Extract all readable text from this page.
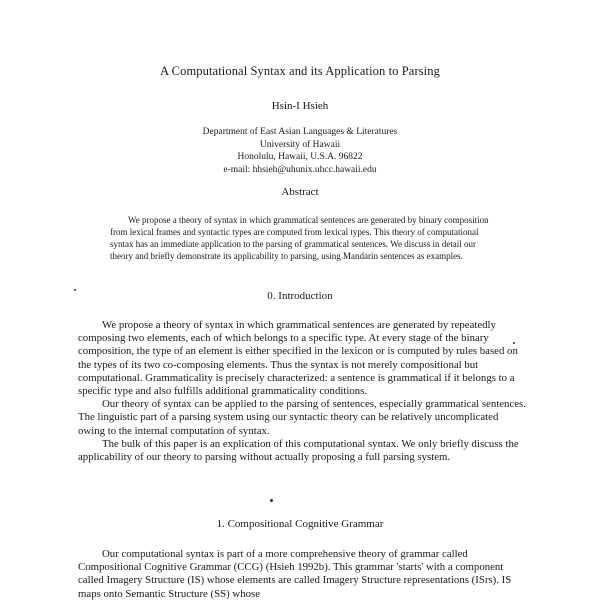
A Computational Syntax and its Application to Parsing
Hsin-I Hsieh
Department of East Asian Languages & Literatures
University of Hawaii
Honolulu, Hawaii, U.S.A. 96822
e-mail: hhsieh@uhunix.uhcc.hawaii.edu
Abstract
We propose a theory of syntax in which grammatical sentences are generated by binary composition from lexical frames and syntactic types are computed from lexical types. This theory of computational syntax has an immediate application to the parsing of grammatical sentences. We discuss in detail our theory and briefly demonstrate its applicability to parsing, using Mandarin sentences as examples.
0. Introduction

We propose a theory of syntax in which grammatical sentences are generated by repeatedly composing two elements, each of which belongs to a specific type. At every stage of the binary composition, the type of an element is either specified in the lexicon or is computed by rules based on the types of its two co-composing elements. Thus the syntax is not merely compositional but computational. Grammaticality is precisely characterized: a sentence is grammatical if it belongs to a specific type and also fulfills additional grammaticality conditions.

Our theory of syntax can be applied to the parsing of sentences, especially grammatical sentences. The linguistic part of a parsing system using our syntactic theory can be relatively uncomplicated owing to the internal computation of syntax.

The bulk of this paper is an explication of this computational syntax. We only briefly discuss the applicability of our theory to parsing without actually proposing a full parsing system.

1. Compositional Cognitive Grammar

Our computational syntax is part of a more comprehensive theory of grammar called Compositional Cognitive Grammar (CCG) (Hsieh 1992b). This grammar 'starts' with a component called Imagery Structure (IS) whose elements are called Imagery Structure representations (ISrs). IS maps onto Semantic Structure (SS) whose
